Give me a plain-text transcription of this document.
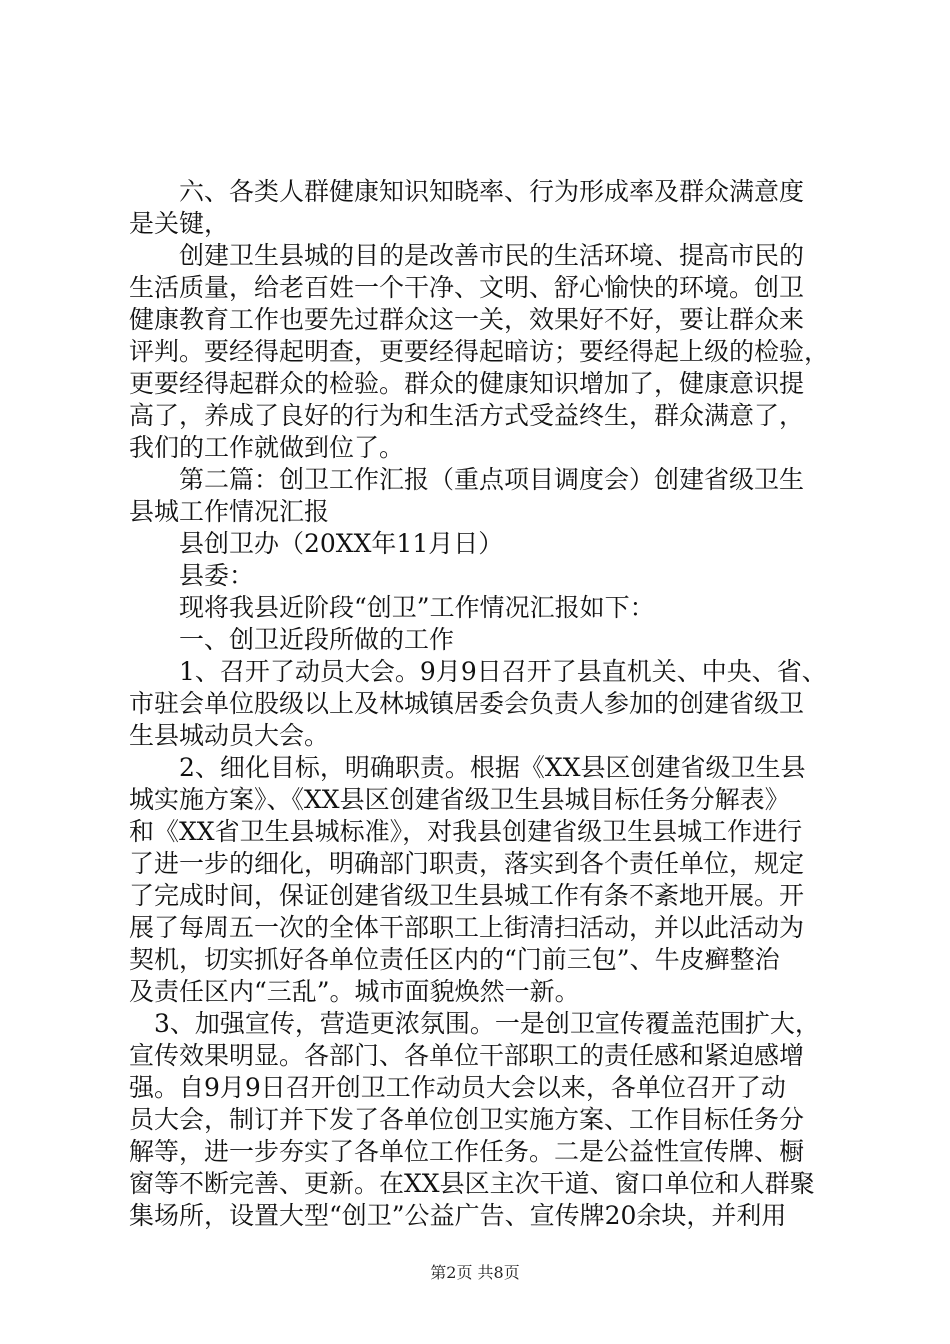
　　六、各类人群健康知识知晓率、行为形成率及群众满意度
是关键，
　　创建卫生县城的目的是改善市民的生活环境、提高市民的
生活质量，给老百姓一个干净、文明、舒心愉快的环境。创卫
健康教育工作也要先过群众这一关，效果好不好，要让群众来
评判。要经得起明查，更要经得起暗访；要经得起上级的检验，
更要经得起群众的检验。群众的健康知识增加了，健康意识提
高了，养成了良好的行为和生活方式受益终生，群众满意了，
我们的工作就做到位了。
　　第二篇：创卫工作汇报（重点项目调度会）创建省级卫生
县城工作情况汇报
　　县创卫办（20XX年11月日）
　　县委：
　　现将我县近阶段“创卫”工作情况汇报如下：
　　一、创卫近段所做的工作
　　1、召开了动员大会。9月9日召开了县直机关、中央、省、
市驻会单位股级以上及林城镇居委会负责人参加的创建省级卫
生县城动员大会。
　　2、细化目标，明确职责。根据《XX县区创建省级卫生县
城实施方案》、《XX县区创建省级卫生县城目标任务分解表》
和《XX省卫生县城标准》，对我县创建省级卫生县城工作进行
了进一步的细化，明确部门职责，落实到各个责任单位，规定
了完成时间，保证创建省级卫生县城工作有条不紊地开展。开
展了每周五一次的全体干部职工上街清扫活动，并以此活动为
契机，切实抓好各单位责任区内的“门前三包”、牛皮癣整治
及责任区内“三乱”。城市面貌焕然一新。
　3、加强宣传，营造更浓氛围。一是创卫宣传覆盖范围扩大，
宣传效果明显。各部门、各单位干部职工的责任感和紧迫感增
强。自9月9日召开创卫工作动员大会以来，各单位召开了动
员大会，制订并下发了各单位创卫实施方案、工作目标任务分
解等，进一步夯实了各单位工作任务。二是公益性宣传牌、橱
窗等不断完善、更新。在XX县区主次干道、窗口单位和人群聚
集场所，设置大型“创卫”公益广告、宣传牌20余块，并利用
第2页 共8页
